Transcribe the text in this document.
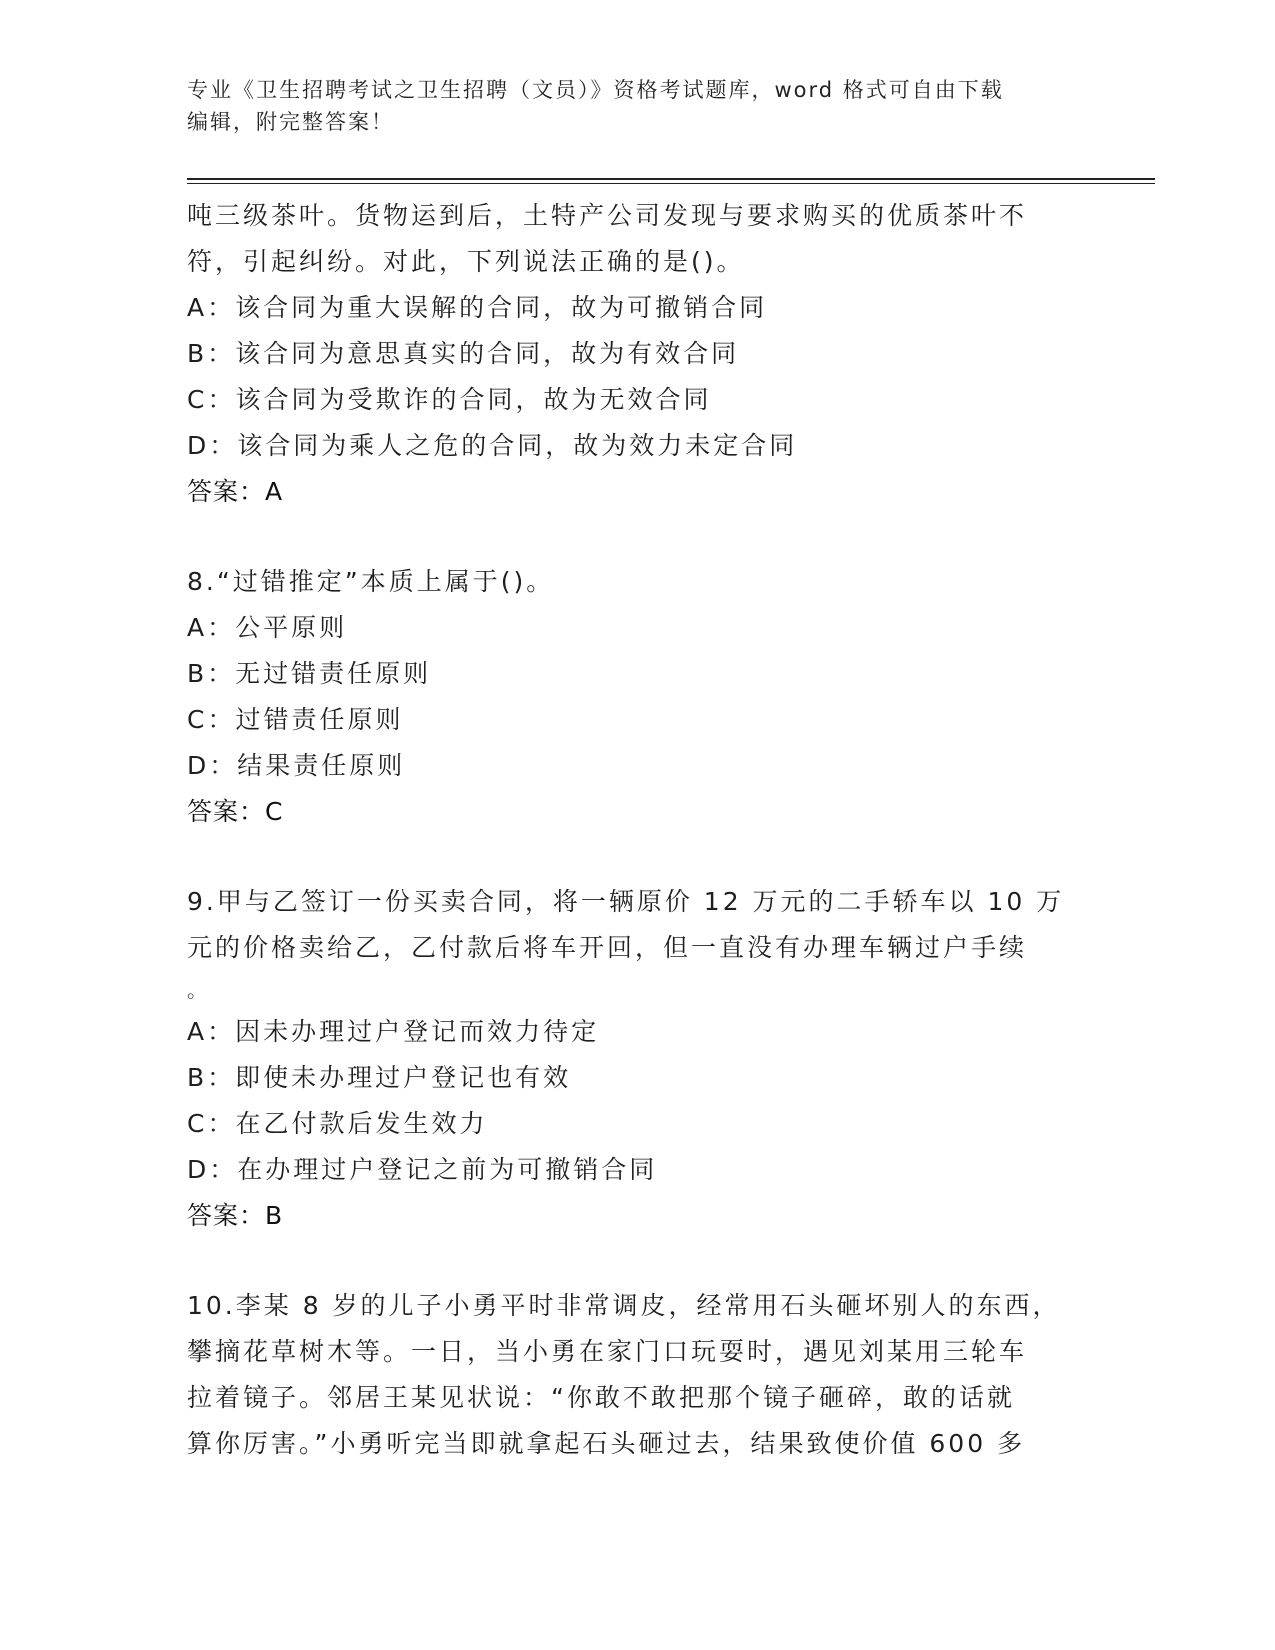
专业《卫生招聘考试之卫生招聘（文员）》资格考试题库，word 格式可自由下载
编辑，附完整答案！
吨三级茶叶。货物运到后，土特产公司发现与要求购买的优质茶叶不
符，引起纠纷。对此，下列说法正确的是()。
A：该合同为重大误解的合同，故为可撤销合同
B：该合同为意思真实的合同，故为有效合同
C：该合同为受欺诈的合同，故为无效合同
D：该合同为乘人之危的合同，故为效力未定合同
答案：A
8.“过错推定”本质上属于()。
A：公平原则
B：无过错责任原则
C：过错责任原则
D：结果责任原则
答案：C
9.甲与乙签订一份买卖合同，将一辆原价 12 万元的二手轿车以 10 万
元的价格卖给乙，乙付款后将车开回，但一直没有办理车辆过户手续
。
A：因未办理过户登记而效力待定
B：即使未办理过户登记也有效
C：在乙付款后发生效力
D：在办理过户登记之前为可撤销合同
答案：B
10.李某 8 岁的儿子小勇平时非常调皮，经常用石头砸坏别人的东西，
攀摘花草树木等。一日，当小勇在家门口玩耍时，遇见刘某用三轮车
拉着镜子。邻居王某见状说：“你敢不敢把那个镜子砸碎，敢的话就
算你厉害。”小勇听完当即就拿起石头砸过去，结果致使价值 600 多
